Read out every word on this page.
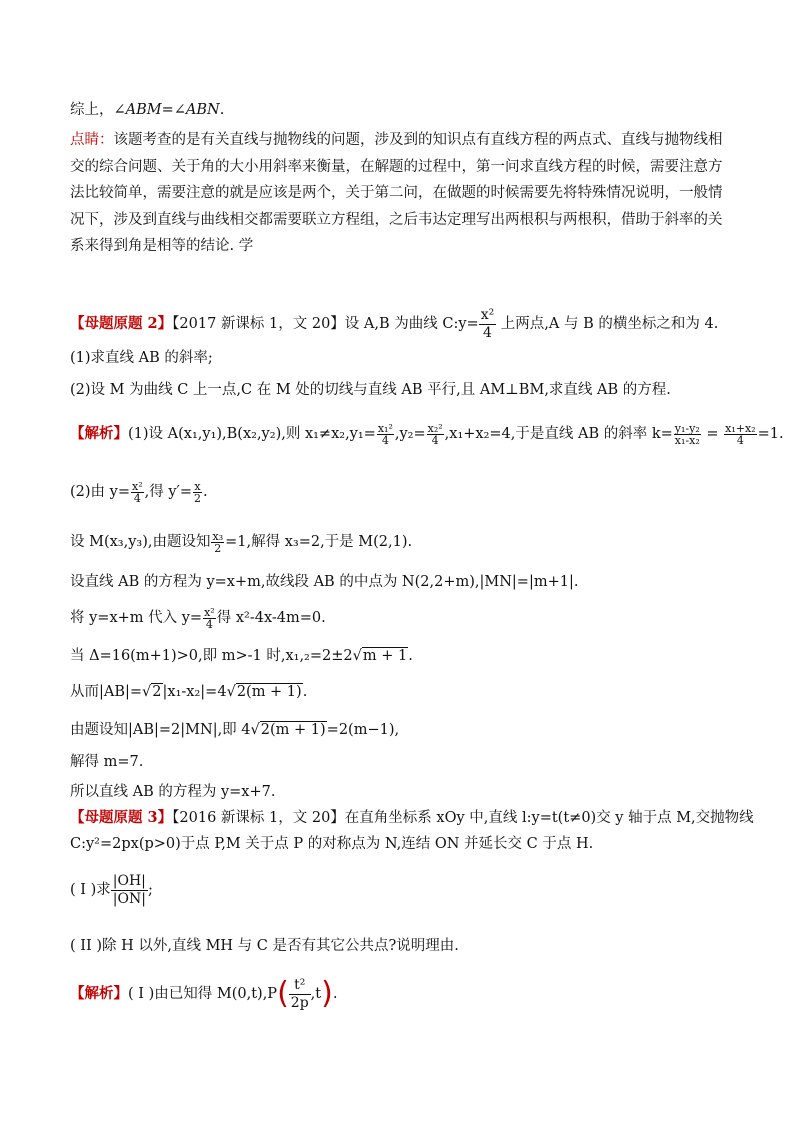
综上，∠ABM=∠ABN.
点睛：该题考查的是有关直线与抛物线的问题，涉及到的知识点有直线方程的两点式、直线与抛物线相交的综合问题、关于角的大小用斜率来衡量，在解题的过程中，第一问求直线方程的时候，需要注意方法比较简单，需要注意的就是应该是两个，关于第二问，在做题的时候需要先将特殊情况说明，一般情况下，涉及到直线与曲线相交都需要联立方程组，之后韦达定理写出两根积与两根积，借助于斜率的关系来得到角是相等的结论. 学
【母题原题 2】【2017 新课标 1，文 20】设 A,B 为曲线 C:y= $\frac{\text{x²}}{4}$ 上两点,A 与 B 的横坐标之和为 4.
(1)求直线 AB 的斜率;
(2)设 M 为曲线 C 上一点,C 在 M 处的切线与直线 AB 平行,且 AM⊥BM,求直线 AB 的方程.
【解析】(1)设 A(x₁,y₁),B(x₂,y₂),则 $x_1\ne x_2,y_1= \frac{\text{x₁²}}{4} ,y_2= \frac{\text{x₂²}}{4} ,x_1+x_2=4$,于是直线 AB 的斜率 $k= \frac{\text{y₁-y₂}}{\text{x₁-x₂}} = \frac{\text{x₁+x₂}}{4} =1$.
(2)由 $y= \frac{\text{x²}}{4}$ ,得 $y'= \frac{x}{2}$ .
设 M(x₃,y₃),由题设知 $\frac{\text{x₃}}{2} =1$,解得 x₃=2,于是 M(2,1).
设直线 AB 的方程为 y=x+m,故线段 AB 的中点为 N(2,2+m),|MN|=|m+1|.
将 y=x+m 代入 $y= \frac{\text{x²}}{4}$ 得 x²-4x-4m=0.
当 Δ=16(m+1)>0,即 m>-1 时,x₁,₂=2±2√m + 1.
从而|AB|=√2|x₁-x₂|=4√2(m + 1).
由题设知|AB|=2|MN|,即 4√2(m + 1)=2(m−1),
解得 m=7.
所以直线 AB 的方程为 y=x+7.
【母题原题 3】【2016 新课标 1，文 20】在直角坐标系 xOy 中,直线 l:y=t(t≠0)交 y 轴于点 M,交抛物线
C:y²=2px(p>0)于点 P,M 关于点 P 的对称点为 N,连结 ON 并延长交 C 于点 H.
( I )求 $\frac{|OH|}{|ON|}$ ;
( II )除 H 以外,直线 MH 与 C 是否有其它公共点?说明理由.
【解析】( I )由已知得 $M(0,t),P( \frac{\text{t²}}{2p} ,t)$.
